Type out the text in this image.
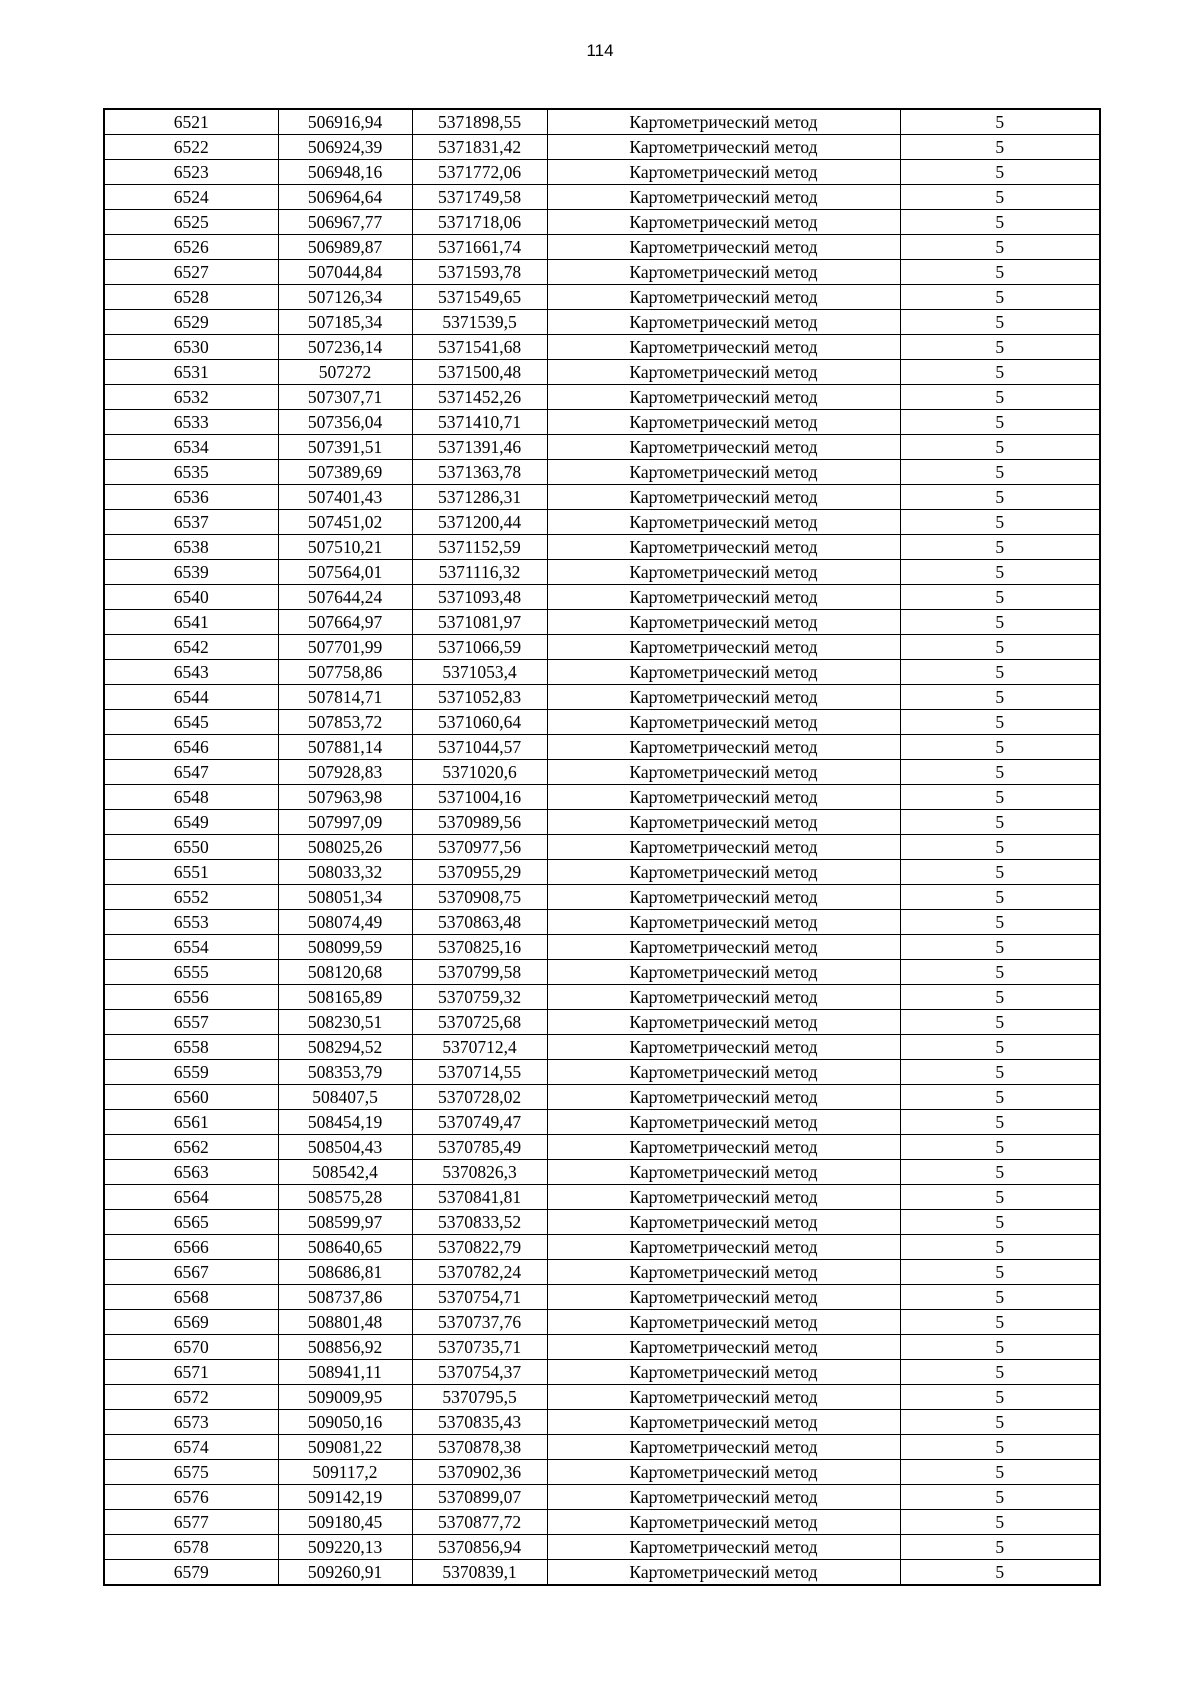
114
6521	506916,94	5371898,55	Картометрический метод	5
6522	506924,39	5371831,42	Картометрический метод	5
6523	506948,16	5371772,06	Картометрический метод	5
6524	506964,64	5371749,58	Картометрический метод	5
6525	506967,77	5371718,06	Картометрический метод	5
6526	506989,87	5371661,74	Картометрический метод	5
6527	507044,84	5371593,78	Картометрический метод	5
6528	507126,34	5371549,65	Картометрический метод	5
6529	507185,34	5371539,5	Картометрический метод	5
6530	507236,14	5371541,68	Картометрический метод	5
6531	507272	5371500,48	Картометрический метод	5
6532	507307,71	5371452,26	Картометрический метод	5
6533	507356,04	5371410,71	Картометрический метод	5
6534	507391,51	5371391,46	Картометрический метод	5
6535	507389,69	5371363,78	Картометрический метод	5
6536	507401,43	5371286,31	Картометрический метод	5
6537	507451,02	5371200,44	Картометрический метод	5
6538	507510,21	5371152,59	Картометрический метод	5
6539	507564,01	5371116,32	Картометрический метод	5
6540	507644,24	5371093,48	Картометрический метод	5
6541	507664,97	5371081,97	Картометрический метод	5
6542	507701,99	5371066,59	Картометрический метод	5
6543	507758,86	5371053,4	Картометрический метод	5
6544	507814,71	5371052,83	Картометрический метод	5
6545	507853,72	5371060,64	Картометрический метод	5
6546	507881,14	5371044,57	Картометрический метод	5
6547	507928,83	5371020,6	Картометрический метод	5
6548	507963,98	5371004,16	Картометрический метод	5
6549	507997,09	5370989,56	Картометрический метод	5
6550	508025,26	5370977,56	Картометрический метод	5
6551	508033,32	5370955,29	Картометрический метод	5
6552	508051,34	5370908,75	Картометрический метод	5
6553	508074,49	5370863,48	Картометрический метод	5
6554	508099,59	5370825,16	Картометрический метод	5
6555	508120,68	5370799,58	Картометрический метод	5
6556	508165,89	5370759,32	Картометрический метод	5
6557	508230,51	5370725,68	Картометрический метод	5
6558	508294,52	5370712,4	Картометрический метод	5
6559	508353,79	5370714,55	Картометрический метод	5
6560	508407,5	5370728,02	Картометрический метод	5
6561	508454,19	5370749,47	Картометрический метод	5
6562	508504,43	5370785,49	Картометрический метод	5
6563	508542,4	5370826,3	Картометрический метод	5
6564	508575,28	5370841,81	Картометрический метод	5
6565	508599,97	5370833,52	Картометрический метод	5
6566	508640,65	5370822,79	Картометрический метод	5
6567	508686,81	5370782,24	Картометрический метод	5
6568	508737,86	5370754,71	Картометрический метод	5
6569	508801,48	5370737,76	Картометрический метод	5
6570	508856,92	5370735,71	Картометрический метод	5
6571	508941,11	5370754,37	Картометрический метод	5
6572	509009,95	5370795,5	Картометрический метод	5
6573	509050,16	5370835,43	Картометрический метод	5
6574	509081,22	5370878,38	Картометрический метод	5
6575	509117,2	5370902,36	Картометрический метод	5
6576	509142,19	5370899,07	Картометрический метод	5
6577	509180,45	5370877,72	Картометрический метод	5
6578	509220,13	5370856,94	Картометрический метод	5
6579	509260,91	5370839,1	Картометрический метод	5
